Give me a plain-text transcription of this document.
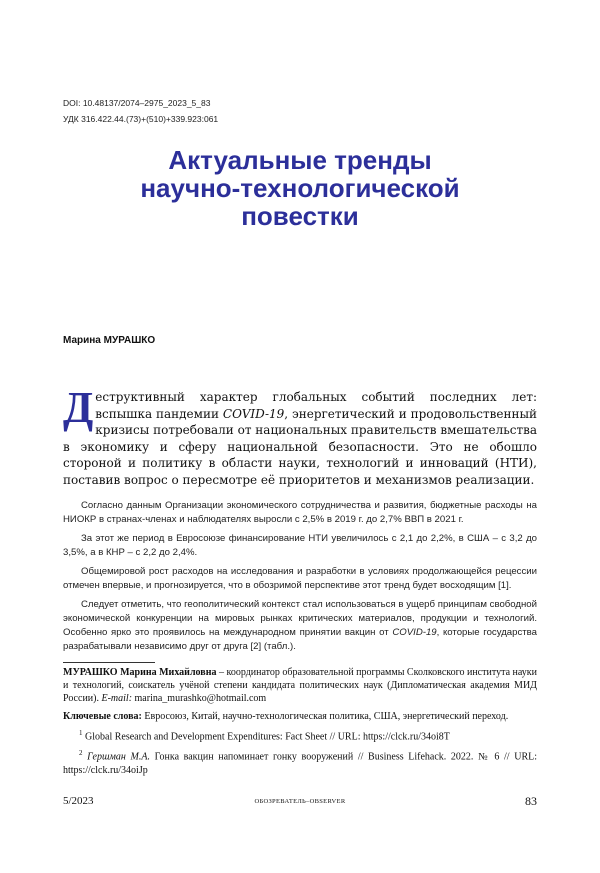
DOI: 10.48137/2074–2975_2023_5_83
УДК 316.422.44.(73)+(510)+339.923:061
Актуальные тренды
научно-технологической
повестки
Марина МУРАШКО
Деструктивный характер глобальных событий последних лет: вспышка пандемии COVID-19, энергетический и продовольственный кризисы потребовали от национальных правительств вмешательства в экономику и сферу национальной безопасности. Это не обошло стороной и политику в области науки, технологий и инноваций (НТИ), поставив вопрос о пересмотре её приоритетов и механизмов реализации.

Согласно данным Организации экономического сотрудничества и развития, бюджетные расходы на НИОКР в странах-членах и наблюдателях выросли с 2,5% в 2019 г. до 2,7% ВВП в 2021 г.

За этот же период в Евросоюзе финансирование НТИ увеличилось с 2,1 до 2,2%, в США – с 3,2 до 3,5%, а в КНР – с 2,2 до 2,4%.

Общемировой рост расходов на исследования и разработки в условиях продолжающейся рецессии отмечен впервые, и прогнозируется, что в обозримой перспективе этот тренд будет восходящим [1].

Следует отметить, что геополитический контекст стал использоваться в ущерб принципам свободной экономической конкуренции на мировых рынках критических материалов, продукции и технологий. Особенно ярко это проявилось на международном принятии вакцин от COVID-19, которые государства разрабатывали независимо друг от друга [2] (табл.).

МУРАШКО Марина Михайловна – координатор образовательной программы Сколковского института науки и технологий, соискатель учёной степени кандидата политических наук (Дипломатическая академия МИД России). E-mail: marina_murashko@hotmail.com

Ключевые слова: Евросоюз, Китай, научно-технологическая политика, США, энергетический переход.

$^1$ Global Research and Development Expenditures: Fact Sheet // URL: https://clck.ru/34oi8T

$^2$ Гершман М.А. Гонка вакцин напоминает гонку вооружений // Business Lifehack. 2022. № 6 // URL: https://clck.ru/34oiJp

5/2023	ОБОЗРЕВАТЕЛЬ–OBSERVER	83
